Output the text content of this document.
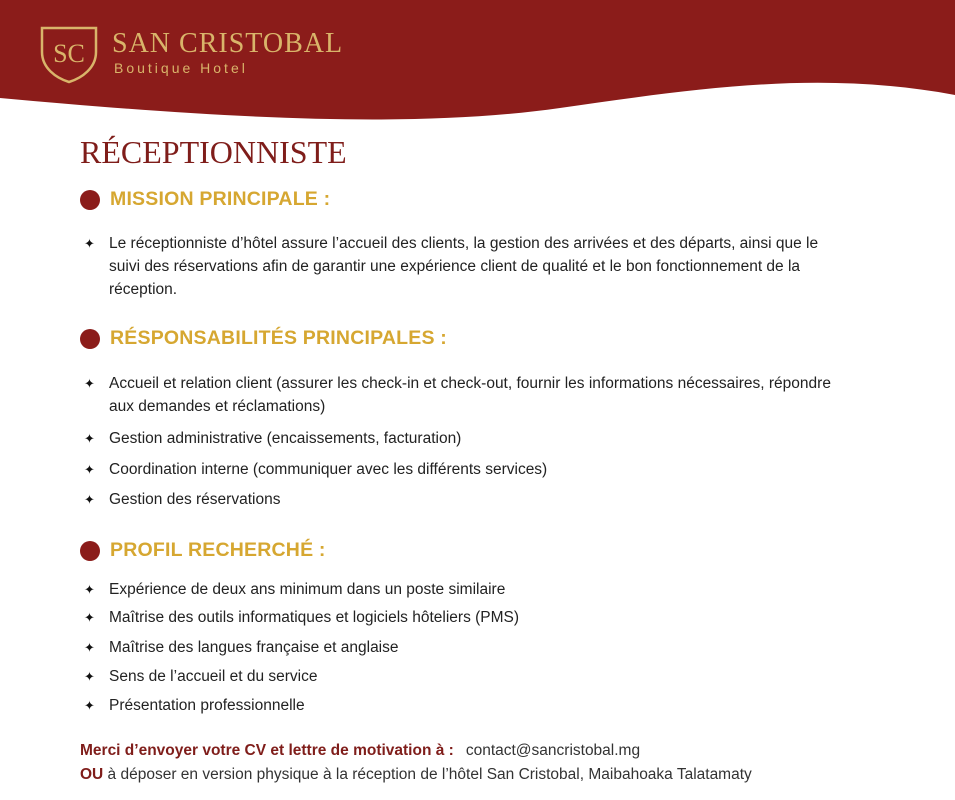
SC SAN CRISTOBAL
Boutique Hotel
RÉCEPTIONNISTE
MISSION PRINCIPALE :
✦ Le réceptionniste d’hôtel assure l’accueil des clients, la gestion des arrivées et des départs, ainsi que le suivi des réservations afin de garantir une expérience client de qualité et le bon fonctionnement de la réception.
RÉSPONSABILITÉS PRINCIPALES :
✦ Accueil et relation client (assurer les check-in et check-out, fournir les informations nécessaires, répondre aux demandes et réclamations)
✦ Gestion administrative (encaissements, facturation)
✦ Coordination interne (communiquer avec les différents services)
✦ Gestion des réservations
PROFIL RECHERCHÉ :
✦ Expérience de deux ans minimum dans un poste similaire
✦ Maîtrise des outils informatiques et logiciels hôteliers (PMS)
✦ Maîtrise des langues française et anglaise
✦ Sens de l’accueil et du service
✦ Présentation professionnelle
Merci d’envoyer votre CV et lettre de motivation à : contact@sancristobal.mg
OU à déposer en version physique à la réception de l’hôtel San Cristobal, Maibahoaka Talatamaty
